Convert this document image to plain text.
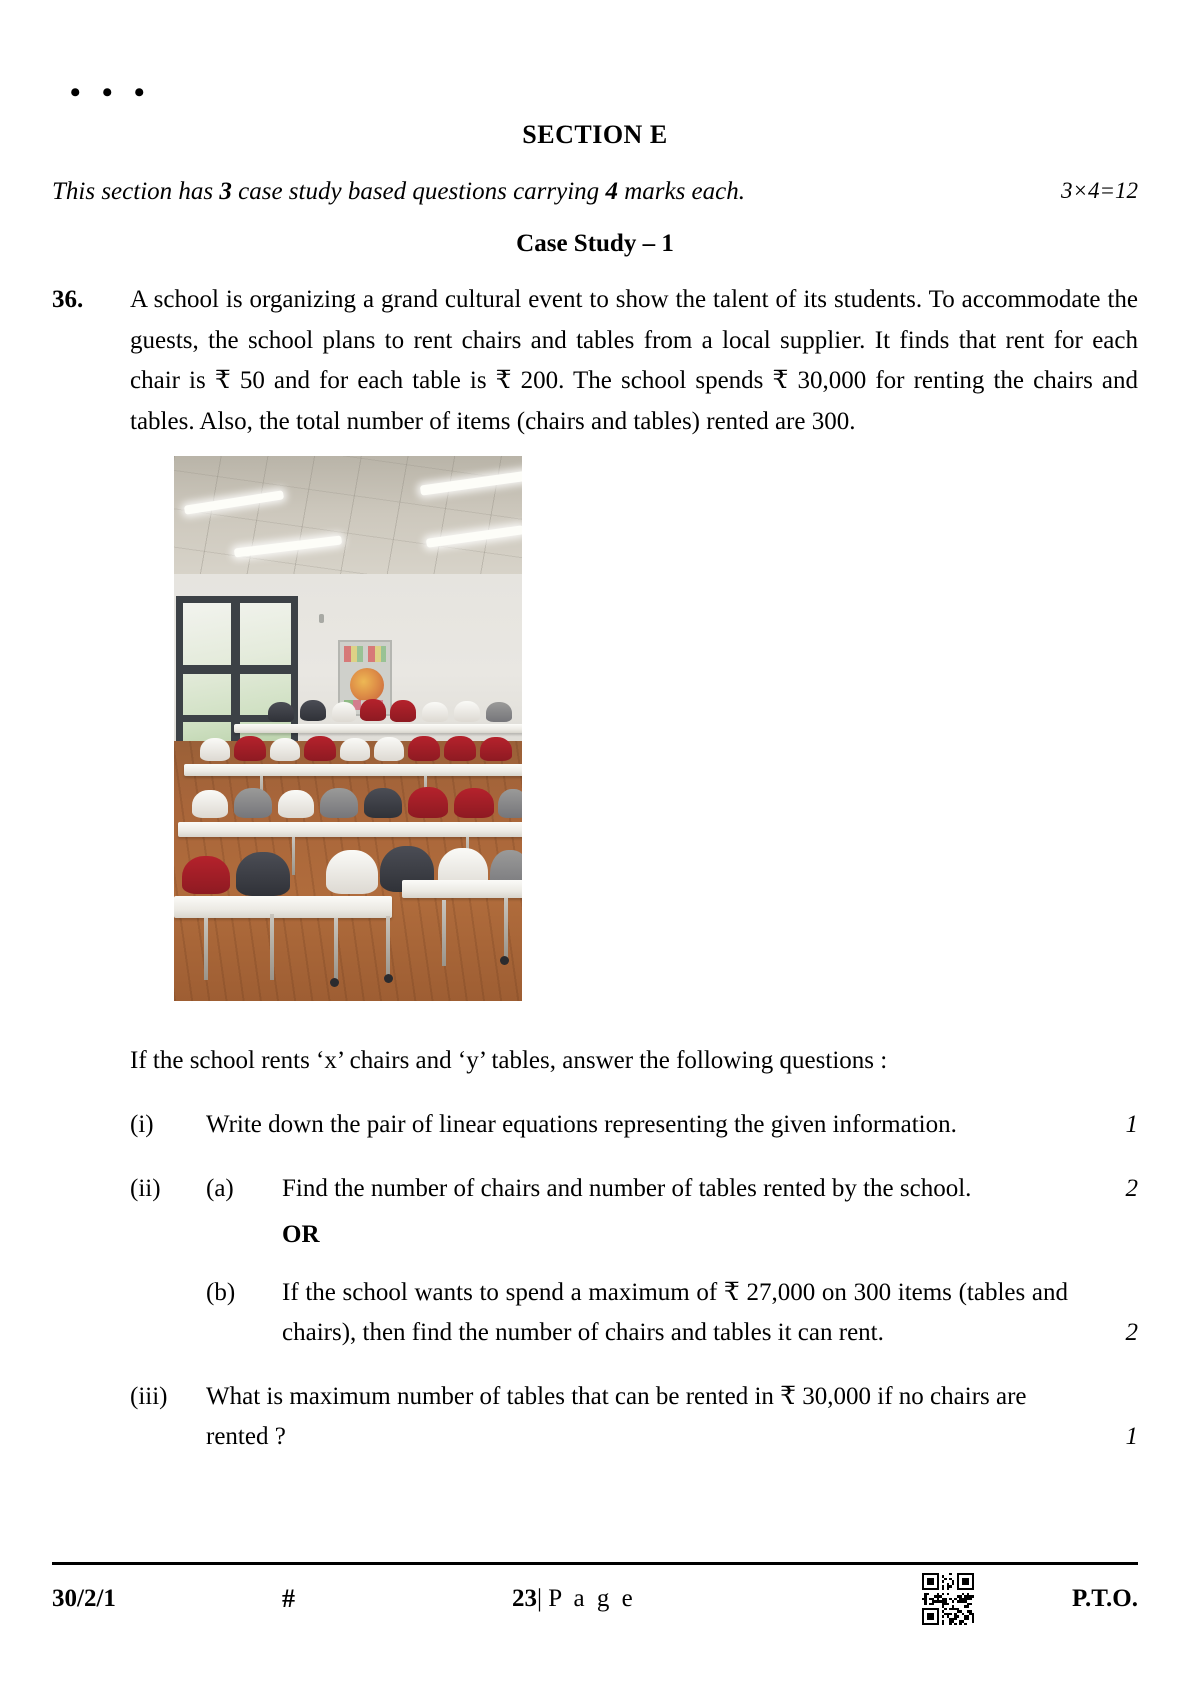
• • •
SECTION E
This section has 3 case study based questions carrying 4 marks each.	3×4=12
Case Study – 1
36.	A school is organizing a grand cultural event to show the talent of its students. To accommodate the guests, the school plans to rent chairs and tables from a local supplier. It finds that rent for each chair is ₹ 50 and for each table is ₹ 200. The school spends ₹ 30,000 for renting the chairs and tables. Also, the total number of items (chairs and tables) rented are 300.

If the school rents ‘x’ chairs and ‘y’ tables, answer the following questions :
(i)	Write down the pair of linear equations representing the given information.	1
(ii)	(a)	Find the number of chairs and number of tables rented by the school.	2
OR
(b)	If the school wants to spend a maximum of ₹ 27,000 on 300 items (tables and chairs), then find the number of chairs and tables it can rent.	2
(iii)	What is maximum number of tables that can be rented in ₹ 30,000 if no chairs are rented ?	1
30/2/1	#	23| P a g e	P.T.O.
